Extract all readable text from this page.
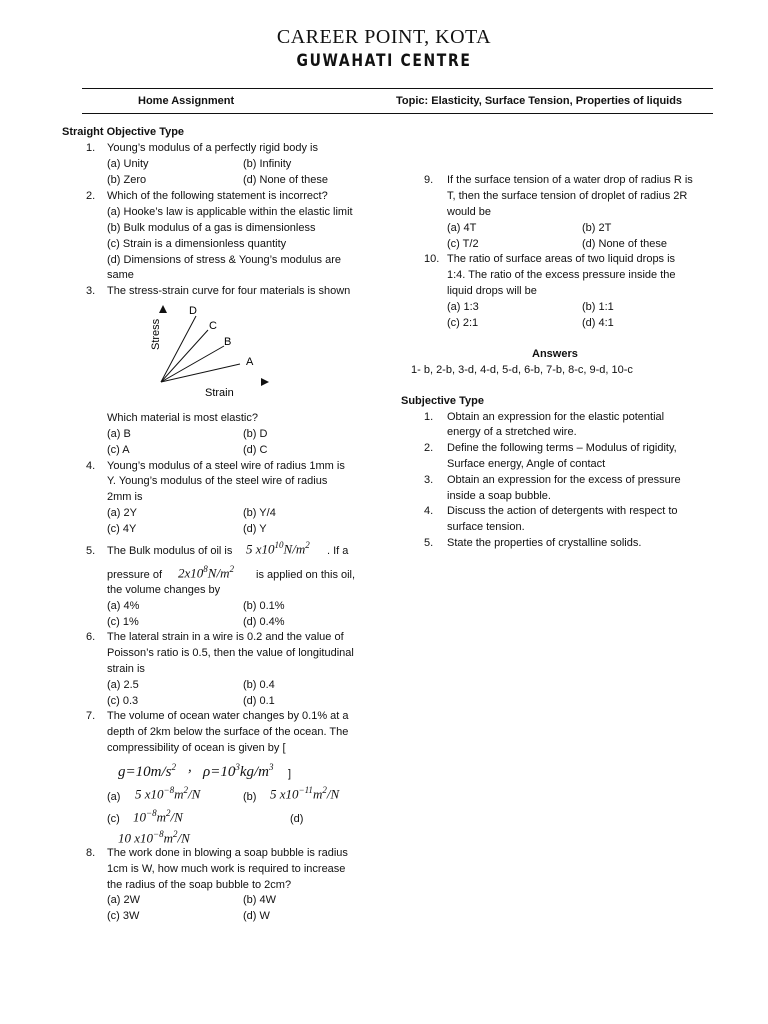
CAREER POINT, KOTA
GUWAHATI CENTRE
Home Assignment	Topic: Elasticity, Surface Tension, Properties of liquids
Straight Objective Type
1. Young’s modulus of a perfectly rigid body is
(a) Unity	(b) Infinity
(b) Zero	(d) None of these
2. Which of the following statement is incorrect?
(a) Hooke’s law is applicable within the elastic limit
(b) Bulk modulus of a gas is dimensionless
(c) Strain is a dimensionless quantity
(d) Dimensions of stress & Young’s modulus are
same
3. The stress-strain curve for four materials is shown
D
C
B
A
Stress
Strain
Which material is most elastic?
(a) B	(b) D
(c) A	(d) C
4. Young’s modulus of a steel wire of radius 1mm is
Y. Young’s modulus of the steel wire of radius
2mm is
(a) 2Y	(b) Y/4
(c) 4Y	(d) Y
5. The Bulk modulus of oil is 5 $x10^{10}N/m^2$ . If a
pressure of $2x10^8N/m^2$ is applied on this oil,
the volume changes by
(a) 4%	(b) 0.1%
(c) 1%	(d) 0.4%
6. The lateral strain in a wire is 0.2 and the value of
Poisson’s ratio is 0.5, then the value of longitudinal
strain is
(a) 2.5	(b) 0.4
(c) 0.3	(d) 0.1
7. The volume of ocean water changes by 0.1% at a
depth of 2km below the surface of the ocean. The
compressibility of ocean is given by [
$g=10m/s^2$ , $\rho=10^3kg/m^3$
]
(a) 5 $x10^{-8}m^2/N$	(b) 5 $x10^{-11}m^2/N$
(c) $10^{-8}m^2/N$	(d)
10 $x10^{-8}m^2/N$
8. The work done in blowing a soap bubble is radius
1cm is W, how much work is required to increase
the radius of the soap bubble to 2cm?
(a) 2W	(b) 4W
(c) 3W	(d) W
9. If the surface tension of a water drop of radius R is
T, then the surface tension of droplet of radius 2R
would be
(a) 4T	(b) 2T
(c) T/2	(d) None of these
10. The ratio of surface areas of two liquid drops is
1:4. The ratio of the excess pressure inside the
liquid drops will be
(a) 1:3	(b) 1:1
(c) 2:1	(d) 4:1
Answers
1- b, 2-b, 3-d, 4-d, 5-d, 6-b, 7-b, 8-c, 9-d, 10-c
Subjective Type
1. Obtain an expression for the elastic potential
energy of a stretched wire.
2. Define the following terms – Modulus of rigidity,
Surface energy, Angle of contact
3. Obtain an expression for the excess of pressure
inside a soap bubble.
4. Discuss the action of detergents with respect to
surface tension.
5. State the properties of crystalline solids.
